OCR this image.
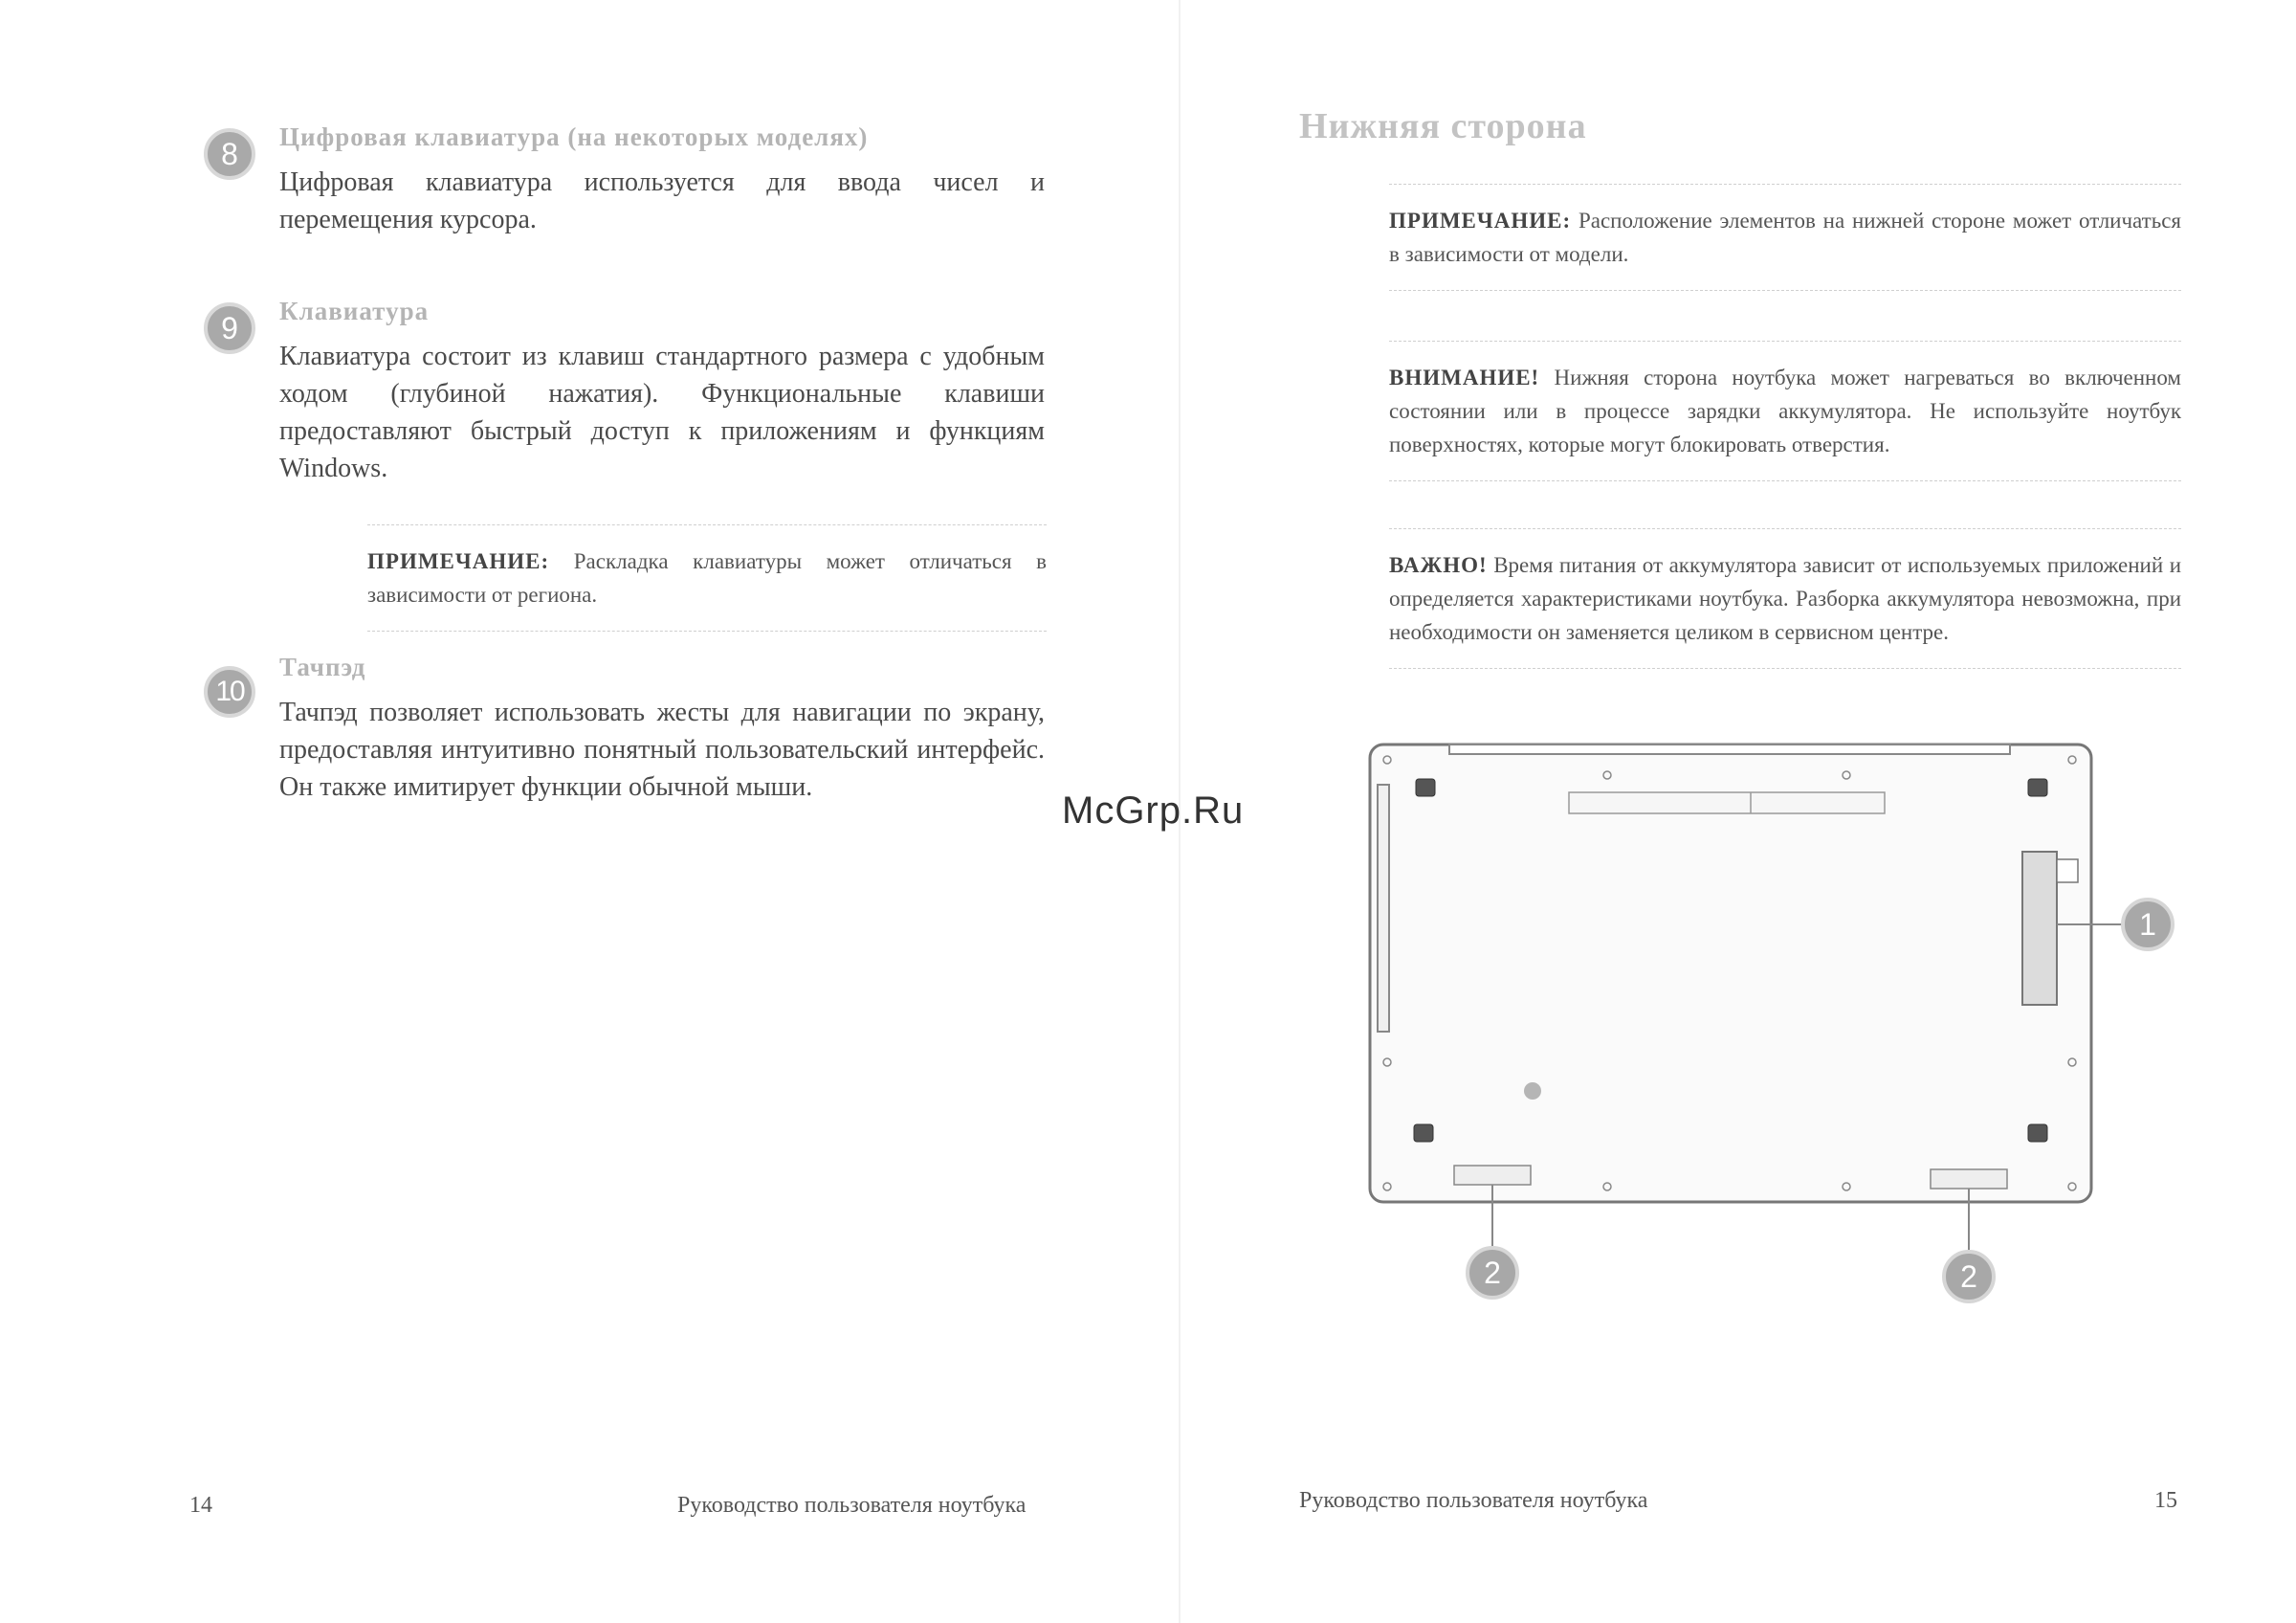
8	Цифровая клавиатура (на некоторых моделях)

Цифровая клавиатура используется для ввода чисел и перемещения курсора.

9	Клавиатура

Клавиатура состоит из клавиш стандартного размера с удобным ходом (глубиной нажатия). Функциональные клавиши предоставляют быстрый доступ к приложениям и функциям Windows.

ПРИМЕЧАНИЕ: Раскладка клавиатуры может отличаться в зависимости от региона.
10

Тачпэд

Тачпэд позволяет использовать жесты для навигации по экрану, предоставляя интуитивно понятный пользовательский интерфейс. Он также имитирует функции обычной мыши.

14	Руководство пользователя ноутбука
Нижняя сторона
ПРИМЕЧАНИЕ: Расположение элементов на нижней стороне может отличаться в зависимости от модели.
ВНИМАНИЕ! Нижняя сторона ноутбука может нагреваться во включенном состоянии или в процессе зарядки аккумулятора. Не используйте ноутбук поверхностях, которые могут блокировать отверстия.
ВАЖНО! Время питания от аккумулятора зависит от используемых приложений и определяется характеристиками ноутбука. Разборка аккумулятора невозможна, при необходимости он заменяется целиком в сервисном центре.
Руководство пользователя ноутбука	15
1
2	2
McGrp.Ru
